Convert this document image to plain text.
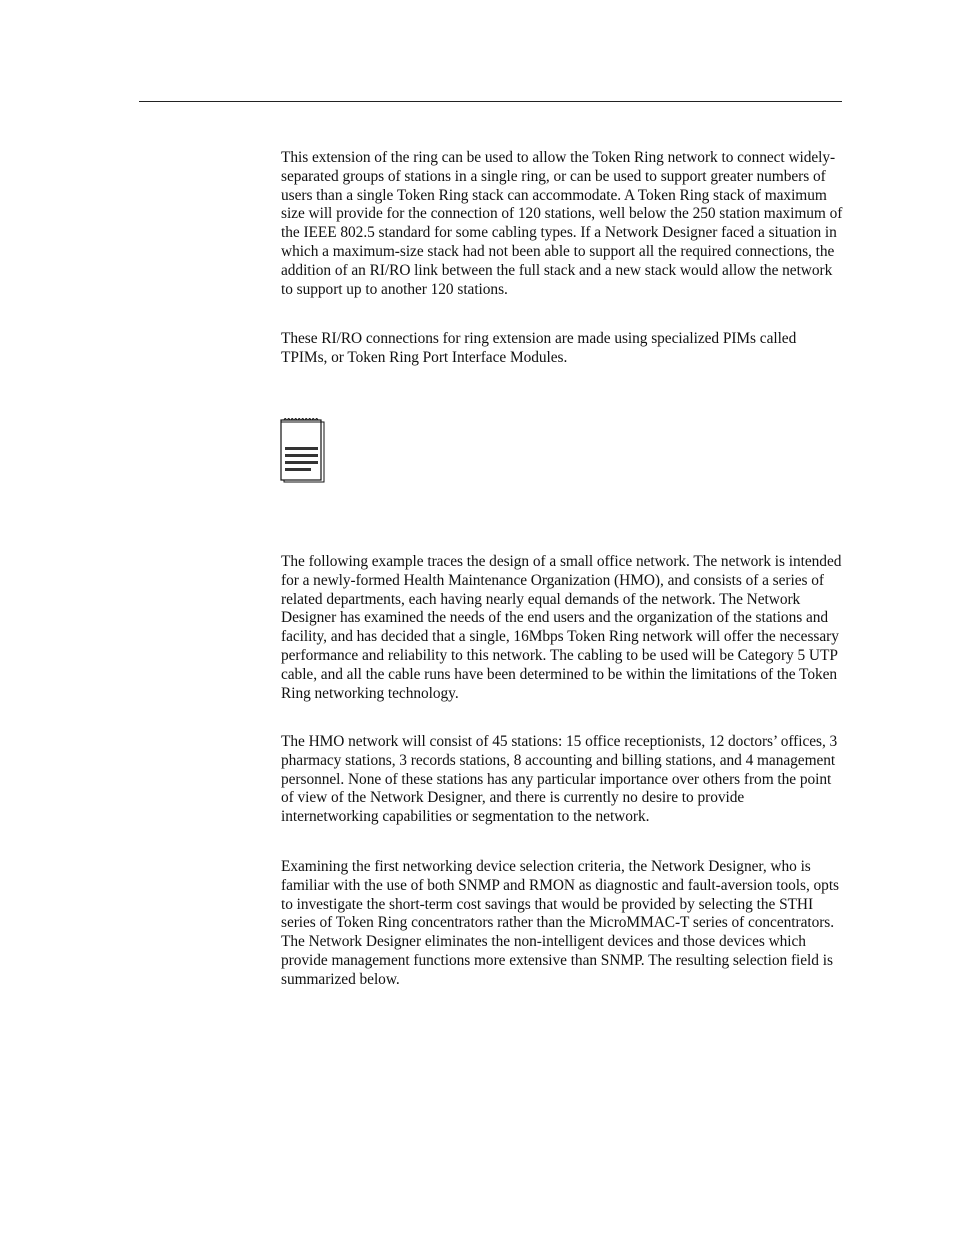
This extension of the ring can be used to allow the Token Ring network to connect widely-separated groups of stations in a single ring, or can be used to support greater numbers of users than a single Token Ring stack can accommodate. A Token Ring stack of maximum size will provide for the connection of 120 stations, well below the 250 station maximum of the IEEE 802.5 standard for some cabling types. If a Network Designer faced a situation in which a maximum-size stack had not been able to support all the required connections, the addition of an RI/RO link between the full stack and a new stack would allow the network to support up to another 120 stations.

These RI/RO connections for ring extension are made using specialized PIMs called TPIMs, or Token Ring Port Interface Modules.

The following example traces the design of a small office network. The network is intended for a newly-formed Health Maintenance Organization (HMO), and consists of a series of related departments, each having nearly equal demands of the network. The Network Designer has examined the needs of the end users and the organization of the stations and facility, and has decided that a single, 16Mbps Token Ring network will offer the necessary performance and reliability to this network. The cabling to be used will be Category 5 UTP cable, and all the cable runs have been determined to be within the limitations of the Token Ring networking technology.

The HMO network will consist of 45 stations: 15 office receptionists, 12 doctors’ offices, 3 pharmacy stations, 3 records stations, 8 accounting and billing stations, and 4 management personnel. None of these stations has any particular importance over others from the point of view of the Network Designer, and there is currently no desire to provide internetworking capabilities or segmentation to the network.

Examining the first networking device selection criteria, the Network Designer, who is familiar with the use of both SNMP and RMON as diagnostic and fault-aversion tools, opts to investigate the short-term cost savings that would be provided by selecting the STHI series of Token Ring concentrators rather than the MicroMMAC-T series of concentrators. The Network Designer eliminates the non-intelligent devices and those devices which provide management functions more extensive than SNMP. The resulting selection field is summarized below.
